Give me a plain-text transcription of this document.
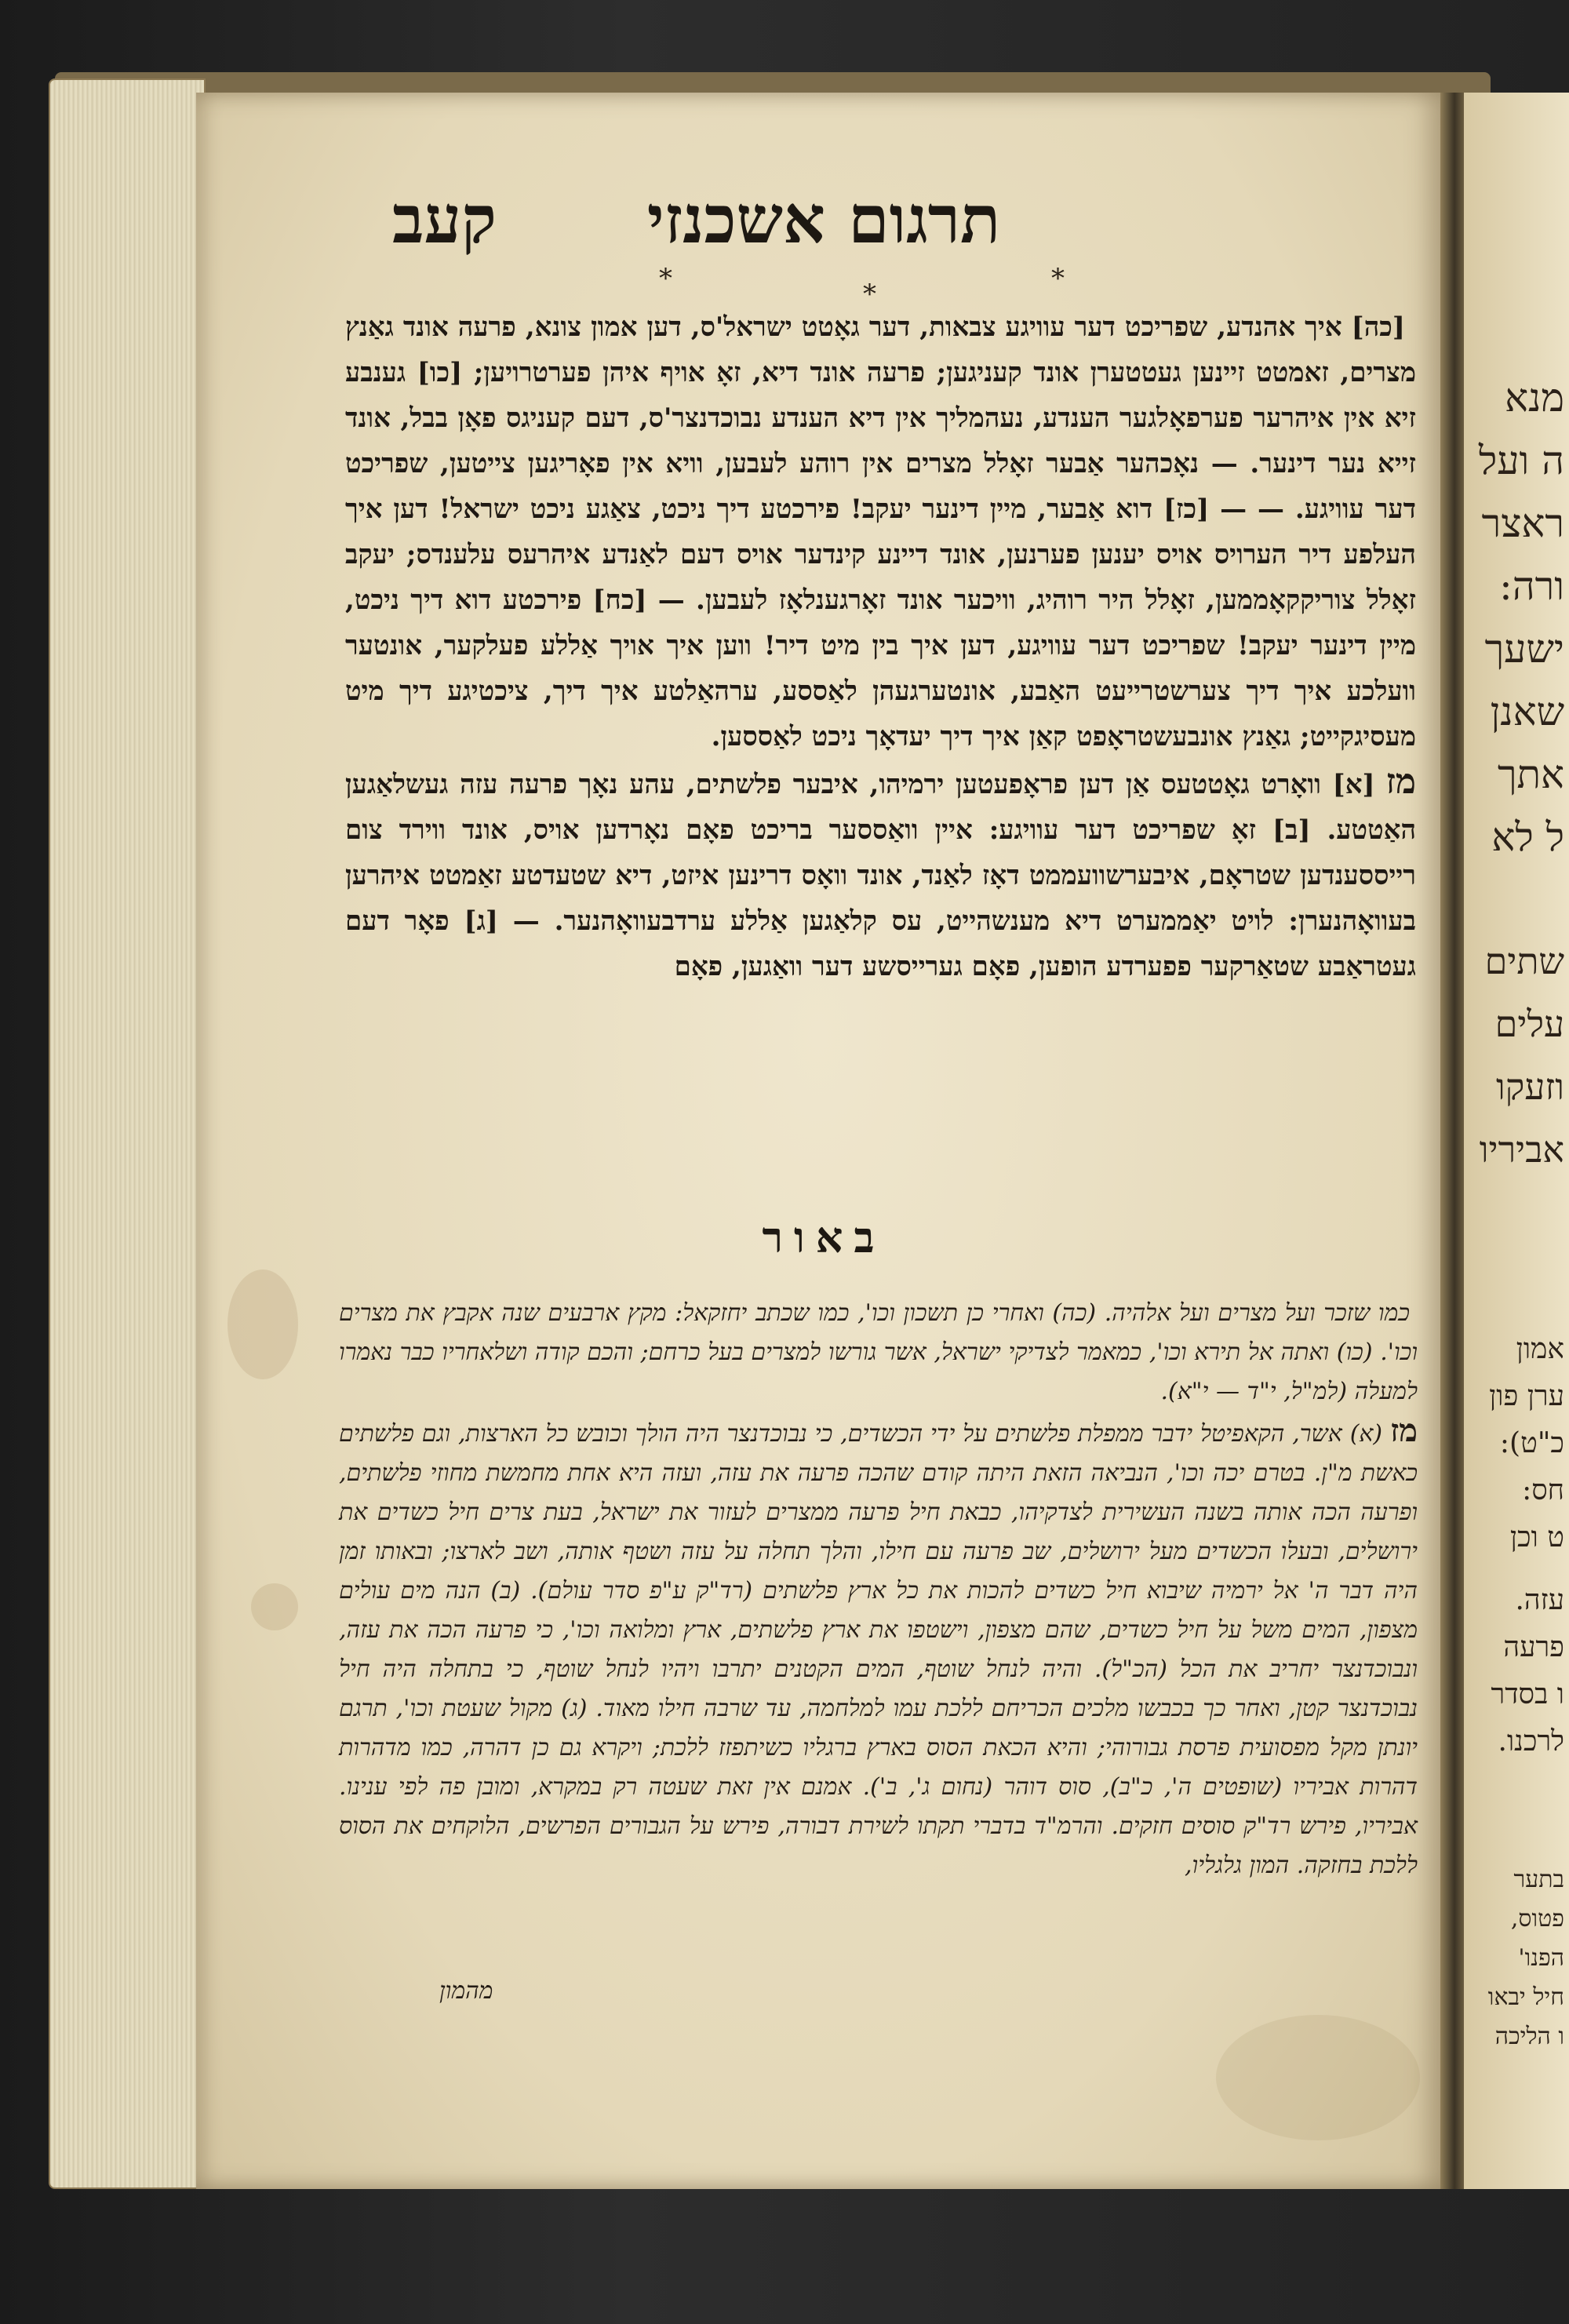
מנא
ה ועל
ראצר
ורה:
ישעך
שאנן
אתך
ל לא
שתים
עלים
וזעקו
אביריו
אמון
ערן פון
כ"ט):
חס:
ט וכן
עזה.
פרעה
ו בסדר
לרכנו.
בתער
פטוס,
הפנו'
חיל יבאו
ו הליכה
תרגום אשכנזי
קעב
*	*	*

[כה] איך אהנדע, שפריכט דער עוויגע צבאות, דער גאָטט ישראל'ס, דען אמון צונא, פרעה אונד גאַנץ מצרים, זאמטט זיינען געטטערן אונד קעניגען; פרעה אונד דיא, זאָ אויף איהן פערטרויען; [כו] גענבע זיא אין איהרער פערפאָלגער הענדע, נעהמליך אין דיא הענדע נבוכדנצר'ס, דעם קעניגס פאָן בבל, אונד זייא נער דינער. — נאָכהער אַבער זאָלל מצרים אין רוהע לעבען, וויא אין פאָריגען צייטען, שפריכט דער עוויגע. — — [כז] דוא אַבער, מיין דינער יעקב! פירכטע דיך ניכט, צאַגע ניכט ישראל! דען איך העלפע דיר הערויס אויס יענען פערנען, אונד דיינע קינדער אויס דעם לאַנדע איהרעס עלענדס; יעקב זאָלל צוריקקאָממען, זאָלל היר רוהיג, וויכער אונד זאָרגענלאָז לעבען. — [כח] פירכטע דוא דיך ניכט, מיין דינער יעקב! שפריכט דער עוויגע, דען איך בין מיט דיר! ווען איך אויך אַללע פעלקער, אונטער וועלכע איך דיך צערשטרייעט האַבע, אונטערגעהן לאַססע, ערהאַלטע איך דיך, ציכטיגע דיך מיט מעסיגקייט; גאַנץ אונבעשטראָפט קאַן איך דיך יעדאָך ניכט לאַססען.

מז[א] וואָרט גאָטטעס אַן דען פראָפעטען ירמיהו, איבער פלשתים, עהע נאָך פרעה עזה געשלאַגען האַטטע. [ב] זאָ שפריכט דער עוויגע: איין וואַססער בריכט פאָם נאָרדען אויס, אונד ווירד צום רייססענדען שטראָם, איבערשוועממט דאָז לאַנד, אונד וואָס דרינען איזט, דיא שטעדטע זאַמטט איהרען בעוואָהנערן: לויט יאַממערט דיא מענשהייט, עס קלאַגען אַללע ערדבעוואָהנער. — [ג] פאָר דעם געטראַבע שטאַרקער פפערדע הופען, פאָם גערייסשע דער וואַגען, פאָם

באור

כמו שזכר ועל מצרים ועל אלהיה. (כה) ואחרי כן תשכון וכו', כמו שכתב יחזקאל: מקץ ארבעים שנה אקבץ את מצרים וכו'. (כו) ואתה אל תירא וכו', כמאמר לצדיקי ישראל, אשר גורשו למצרים בעל כרחם; והכם קודה ושלאחריו כבר נאמרו למעלה (למ"ל, י"ד — י"א).

מז(א) אשר, הקאפיטל ידבר ממפלת פלשתים על ידי הכשדים, כי נבוכדנצר היה הולך וכובש כל הארצות, וגם פלשתים כאשת מ"ן. בטרם יכה וכו', הנביאה הזאת היתה קודם שהכה פרעה את עזה, ועזה היא אחת מחמשת מחוזי פלשתים, ופרעה הכה אותה בשנה העשירית לצדקיהו, כבאת חיל פרעה ממצרים לעזור את ישראל, בעת צרים חיל כשדים את ירושלים, ובעלו הכשדים מעל ירושלים, שב פרעה עם חילו, והלך תחלה על עזה ושטף אותה, ושב לארצו; ובאותו זמן היה דבר ה' אל ירמיה שיבוא חיל כשדים להכות את כל ארץ פלשתים (רד"ק ע"פ סדר עולם). (ב) הנה מים עולים מצפון, המים משל על חיל כשדים, שהם מצפון, וישטפו את ארץ פלשתים, ארץ ומלואה וכו', כי פרעה הכה את עזה, ונבוכדנצר יחריב את הכל (הכ"ל). והיה לנחל שוטף, המים הקטנים יתרבו ויהיו לנחל שוטף, כי בתחלה היה חיל נבוכדנצר קטן, ואחר כך בכבשו מלכים הכריחם ללכת עמו למלחמה, עד שרבה חילו מאוד. (ג) מקול שעטת וכו', תרגם יונתן מקל מפסועית פרסת גבורוהי; והיא הכאת הסוס בארץ ברגליו כשיתפזז ללכת; ויקרא גם כן דהרה, כמו מדהרות דהרות אביריו (שופטים ה', כ"ב), סוס דוהר (נחום ג', ב'). אמנם אין זאת שעטה רק במקרא, ומובן פה לפי ענינו. אביריו, פירש רד"ק סוסים חזקים. והרמ"ד בדברי תקתו לשירת דבורה, פירש על הגבורים הפרשים, הלוקחים את הסוס ללכת בחזקה. המון גלגליו,

מהמון
